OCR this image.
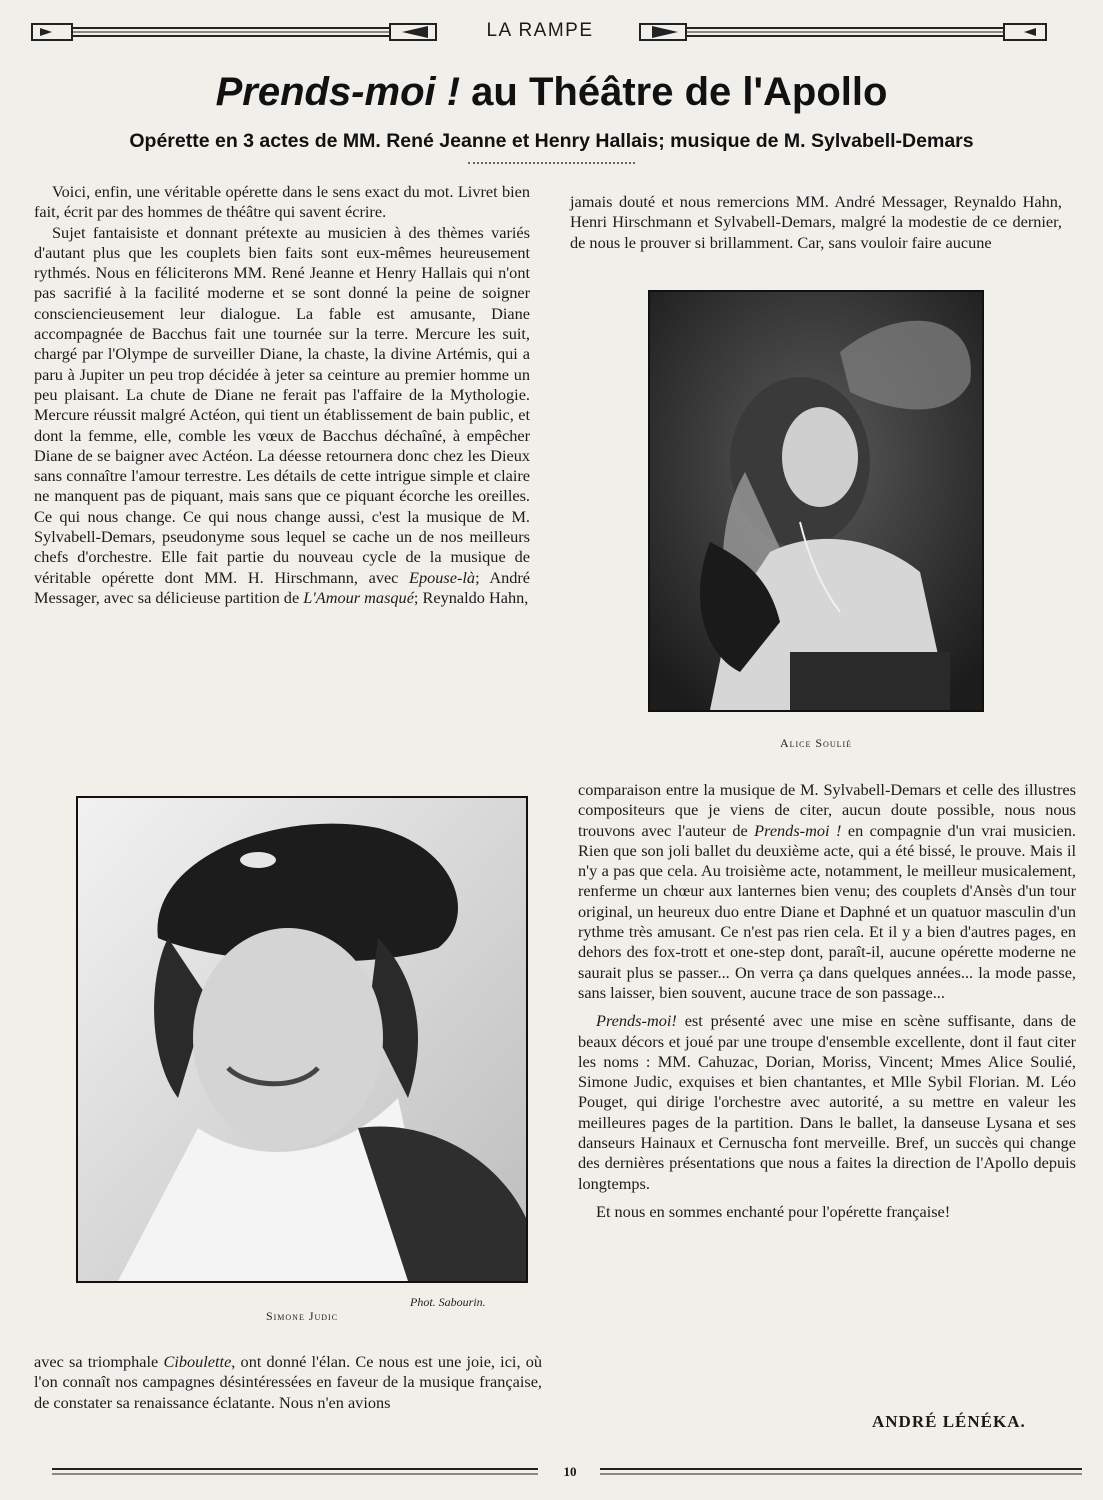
LA RAMPE
Prends-moi ! au Théâtre de l'Apollo
Opérette en 3 actes de MM. René Jeanne et Henry Hallais; musique de M. Sylvabell-Demars

Voici, enfin, une véritable opérette dans le sens exact du mot. Livret bien fait, écrit par des hommes de théâtre qui savent écrire.

Sujet fantaisiste et donnant prétexte au musicien à des thèmes variés d'autant plus que les couplets bien faits sont eux-mêmes heureusement rythmés. Nous en féliciterons MM. René Jeanne et Henry Hallais qui n'ont pas sacrifié à la facilité moderne et se sont donné la peine de soigner consciencieusement leur dialogue. La fable est amusante, Diane accompagnée de Bacchus fait une tournée sur la terre. Mercure les suit, chargé par l'Olympe de surveiller Diane, la chaste, la divine Artémis, qui a paru à Jupiter un peu trop décidée à jeter sa ceinture au premier homme un peu plaisant. La chute de Diane ne ferait pas l'affaire de la Mythologie. Mercure réussit malgré Actéon, qui tient un établissement de bain public, et dont la femme, elle, comble les vœux de Bacchus déchaîné, à empêcher Diane de se baigner avec Actéon. La déesse retournera donc chez les Dieux sans connaître l'amour terrestre. Les détails de cette intrigue simple et claire ne manquent pas de piquant, mais sans que ce piquant écorche les oreilles. Ce qui nous change. Ce qui nous change aussi, c'est la musique de M. Sylvabell-Demars, pseudonyme sous lequel se cache un de nos meilleurs chefs d'orchestre. Elle fait partie du nouveau cycle de la musique de véritable opérette dont MM. H. Hirschmann, avec Epouse-là; André Messager, avec sa délicieuse partition de L'Amour masqué; Reynaldo Hahn,

jamais douté et nous remercions MM. André Messager, Reynaldo Hahn, Henri Hirschmann et Sylvabell-Demars, malgré la modestie de ce dernier, de nous le prouver si brillamment. Car, sans vouloir faire aucune

Alice Soulié
Phot. Sabourin.
Simone Judic

avec sa triomphale Ciboulette, ont donné l'élan. Ce nous est une joie, ici, où l'on connaît nos campagnes désintéressées en faveur de la musique française, de constater sa renaissance éclatante. Nous n'en avions

comparaison entre la musique de M. Sylvabell-Demars et celle des illustres compositeurs que je viens de citer, aucun doute possible, nous nous trouvons avec l'auteur de Prends-moi ! en compagnie d'un vrai musicien. Rien que son joli ballet du deuxième acte, qui a été bissé, le prouve. Mais il n'y a pas que cela. Au troisième acte, notamment, le meilleur musicalement, renferme un chœur aux lanternes bien venu; des couplets d'Ansès d'un tour original, un heureux duo entre Diane et Daphné et un quatuor masculin d'un rythme très amusant. Ce n'est pas rien cela. Et il y a bien d'autres pages, en dehors des fox-trott et one-step dont, paraît-il, aucune opérette moderne ne saurait plus se passer... On verra ça dans quelques années... la mode passe, sans laisser, bien souvent, aucune trace de son passage...

Prends-moi! est présenté avec une mise en scène suffisante, dans de beaux décors et joué par une troupe d'ensemble excellente, dont il faut citer les noms : MM. Cahuzac, Dorian, Moriss, Vincent; Mmes Alice Soulié, Simone Judic, exquises et bien chantantes, et Mlle Sybil Florian. M. Léo Pouget, qui dirige l'orchestre avec autorité, a su mettre en valeur les meilleures pages de la partition. Dans le ballet, la danseuse Lysana et ses danseurs Hainaux et Cernuscha font merveille. Bref, un succès qui change des dernières présentations que nous a faites la direction de l'Apollo depuis longtemps.

Et nous en sommes enchanté pour l'opérette française!

ANDRÉ LÉNÉKA.
10
